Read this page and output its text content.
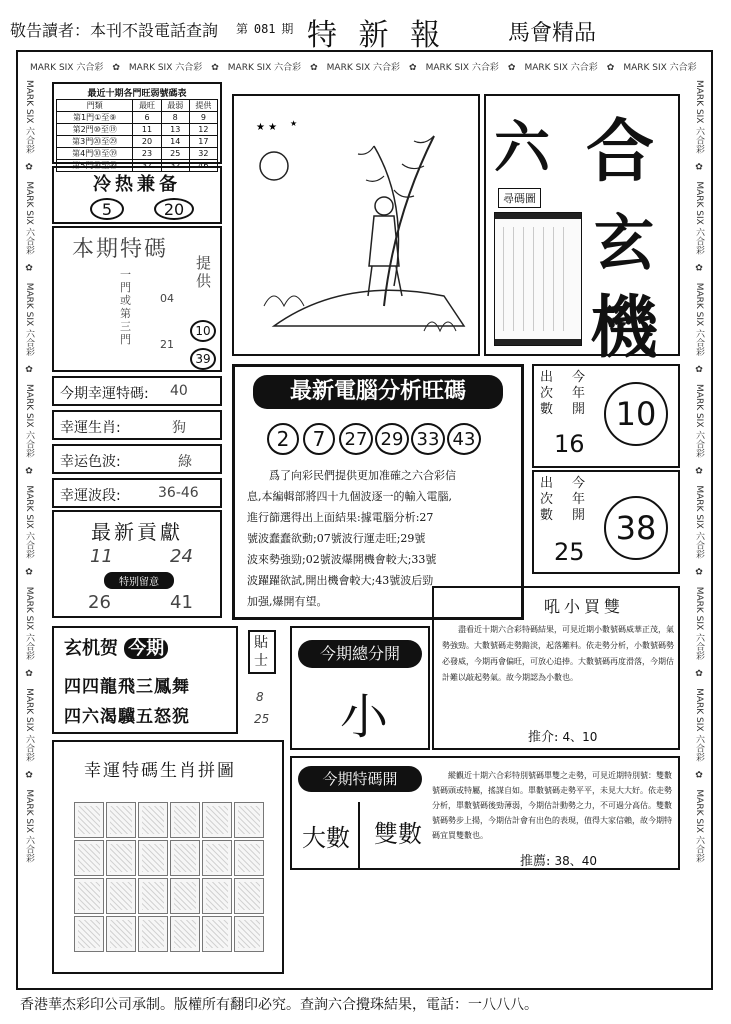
敬告讀者：本刊不設電話查詢 第 081 期 特 新 報	馬會精品
MARK SIX 六合彩　✿　MARK SIX 六合彩　✿　MARK SIX 六合彩　✿　MARK SIX 六合彩　✿　MARK SIX 六合彩　✿　MARK SIX 六合彩　✿　MARK SIX 六合彩
MARK SIX 六合彩　✿　MARK SIX 六合彩　✿　MARK SIX 六合彩　✿　MARK SIX 六合彩　✿　MARK SIX 六合彩　✿　MARK SIX 六合彩　✿　MARK SIX 六合彩　✿　MARK SIX 六合彩
MARK SIX 六合彩　✿　MARK SIX 六合彩　✿　MARK SIX 六合彩　✿　MARK SIX 六合彩　✿　MARK SIX 六合彩　✿　MARK SIX 六合彩　✿　MARK SIX 六合彩　✿　MARK SIX 六合彩
最近十期各門旺弱號碼表
門類	最旺	最弱	提供
第1門①至⑨	6	8	9
第2門⑩至⑲	11	13	12
第3門⑳至㉙	20	14	17
第4門㉚至㊴	23	25	32
第5門㊵至㊾	37	32	46
冷热兼备
5	20
本期特碼
提供
一門或第三門
04
21
10
39
今期幸運特碼: 40
幸運生肖:	狗
幸运色波:	綠
幸運波段:	36-46
最新貢獻
11	24
特别留意
26	41
★ ★ ★	六 合
玄
機
尋碼圖
最新電腦分析旺碼
2	7	27 29 33 43
爲了向彩民們提供更加准確之六合彩信
息,本編輯部將四十九個波逐一的輸入電腦,
進行篩選得出上面結果:據電腦分析:27
號波蠢蠢欲動;07號波行運走旺;29號
波來勢強勁;02號波爆開機會較大;33號
波躍躍欲試,開出機會較大;43號波后勁
加强,爆開有望。
出次數
今年開
16
10
出次數
今年開
25
38
吼小買雙
盡看近十期六合彩特碼結果，可見近期小數號碼威華正茂，氣勢強勁。大數號碼走勢黯淡，起落難料。依走勢分析，小數號碼勢必發威，今期再會偏旺，可放心追捧。大數號碼再度滑落，今期估計難以敲起勢氣。故今期認為小數也。
推介: 4、10
玄机贺 今期
四四龍飛三鳳舞
四六渴驥五怒猊
貼士
8
25
今期總分開
小
今期特碼開
大數 雙數
縱觀近十期六合彩特別號碼單雙之走勢，可見近期特別號：雙數號碼頭或特屬，搖謀自如。單數號碼走勢平平，未見大大好。依走勢分析，單數號碼後勁薄弱，今期估計動勢之力，不可過分高估。雙數號碼勢步上揚，今期估計會有出色的表現，值得大家信賴，故今期特碼宜買雙數也。
推薦: 38、40
幸運特碼生肖拼圖
香港華杰彩印公司承制。版權所有翻印必究。查詢六合攪珠結果，電話：一八八八。
